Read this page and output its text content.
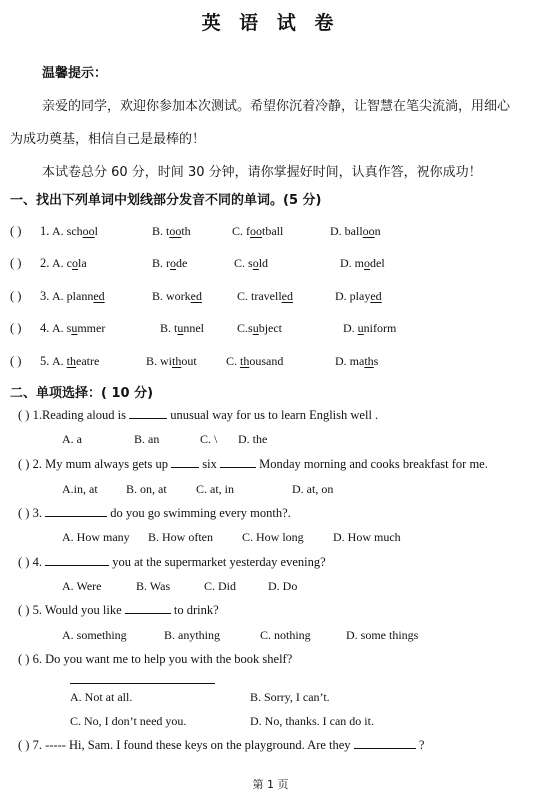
英 语 试 卷
温馨提示：
亲爱的同学，欢迎你参加本次测试。希望你沉着冷静，让智慧在笔尖流淌，用细心
为成功奠基，相信自己是最棒的！
本试卷总分 60 分，时间 30 分钟，请你掌握好时间，认真作答，祝你成功！
一、找出下列单词中划线部分发音不同的单词。(5 分)
( ) 1. A. school	B. tooth	C. football	D. balloon
( ) 2. A. cola	B. rode	C. sold	D. model
( ) 3. A. planned	B. worked	C. travelled	D. played
( ) 4. A. summer	B. tunnel	C.subject	D. uniform
( ) 5. A. theatre	B. without C. thousand	D. maths
二、单项选择：( 10 分)
( ) 1.Reading aloud is	unusual way for us to learn English well .
A. a	B. an	C. \ D. the
( ) 2. My mum always gets up	six	Monday morning and cooks breakfast for me.
A.in, at B. on, at C. at, in	D. at, on
( ) 3.	do you go swimming every month?.
A. How many B. How often C. How long D. How much
( ) 4.	you at the supermarket yesterday evening?
A. Were	B. Was	C. Did	D. Do
( ) 5. Would you like	to drink?
A. something	B. anything	C. nothing	D. some things
( ) 6. Do you want me to help you with the book shelf?
A. Not at all.	B. Sorry, I can’t.
C. No, I don’t need you.	D. No, thanks. I can do it.
( ) 7. ----- Hi, Sam. I found these keys on the playground. Are they	?
第 1 页
